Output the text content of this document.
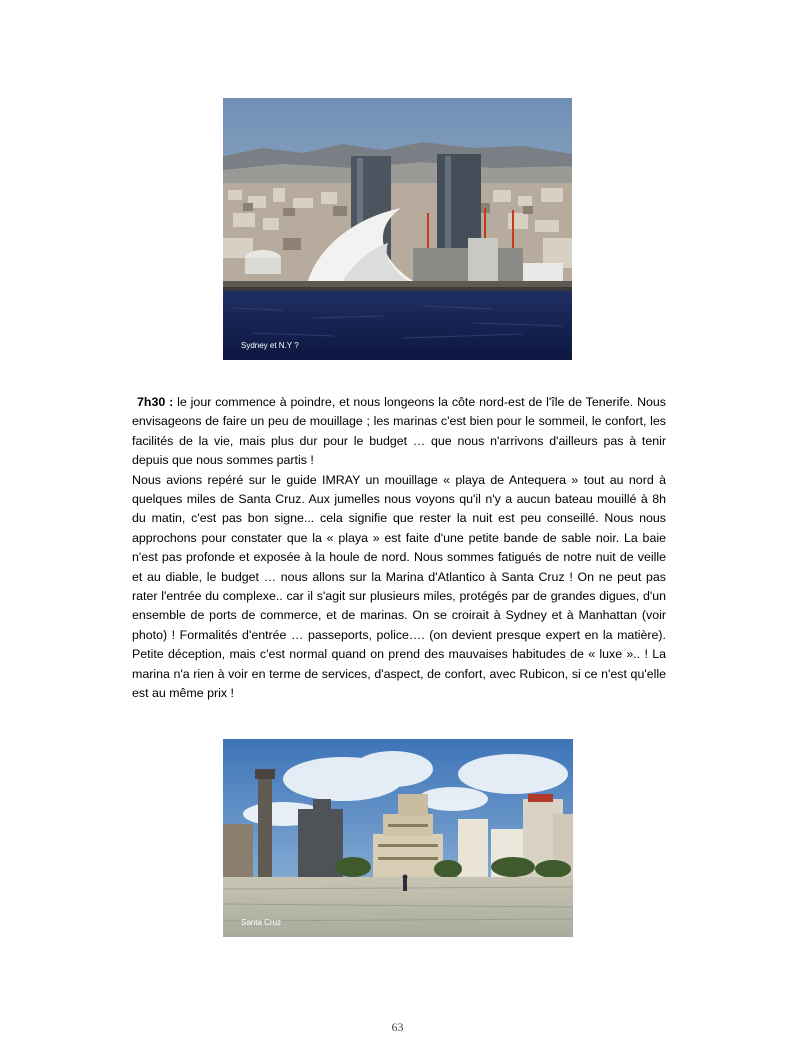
Sydney et N.Y ?

7h30 : le jour commence à poindre, et nous longeons la côte nord-est de l'île de Tenerife. Nous envisageons de faire un peu de mouillage ; les marinas c'est bien pour le sommeil, le confort, les facilités de la vie, mais plus dur pour le budget … que nous n'arrivons d'ailleurs pas à tenir depuis que nous sommes partis !

Nous avions repéré sur le guide IMRAY un mouillage « playa de Antequera » tout au nord à quelques miles de Santa Cruz. Aux jumelles nous voyons qu'il n'y a aucun bateau mouillé à 8h du matin, c'est pas bon signe... cela signifie que rester la nuit est peu conseillé. Nous nous approchons pour constater que la « playa » est faite d'une petite bande de sable noir. La baie n'est pas profonde et exposée à la houle de nord. Nous sommes fatigués de notre nuit de veille et au diable, le budget … nous allons sur la Marina d'Atlantico à Santa Cruz ! On ne peut pas rater l'entrée du complexe.. car il s'agit sur plusieurs miles, protégés par de grandes digues, d'un ensemble de ports de commerce, et de marinas. On se croirait à Sydney et à Manhattan (voir photo) ! Formalités d'entrée … passeports, police…. (on devient presque expert en la matière). Petite déception, mais c'est normal quand on prend des mauvaises habitudes de « luxe ».. ! La marina n'a rien à voir en terme de services, d'aspect, de confort, avec Rubicon, si ce n'est qu'elle est au même prix !

Santa Cruz
63
